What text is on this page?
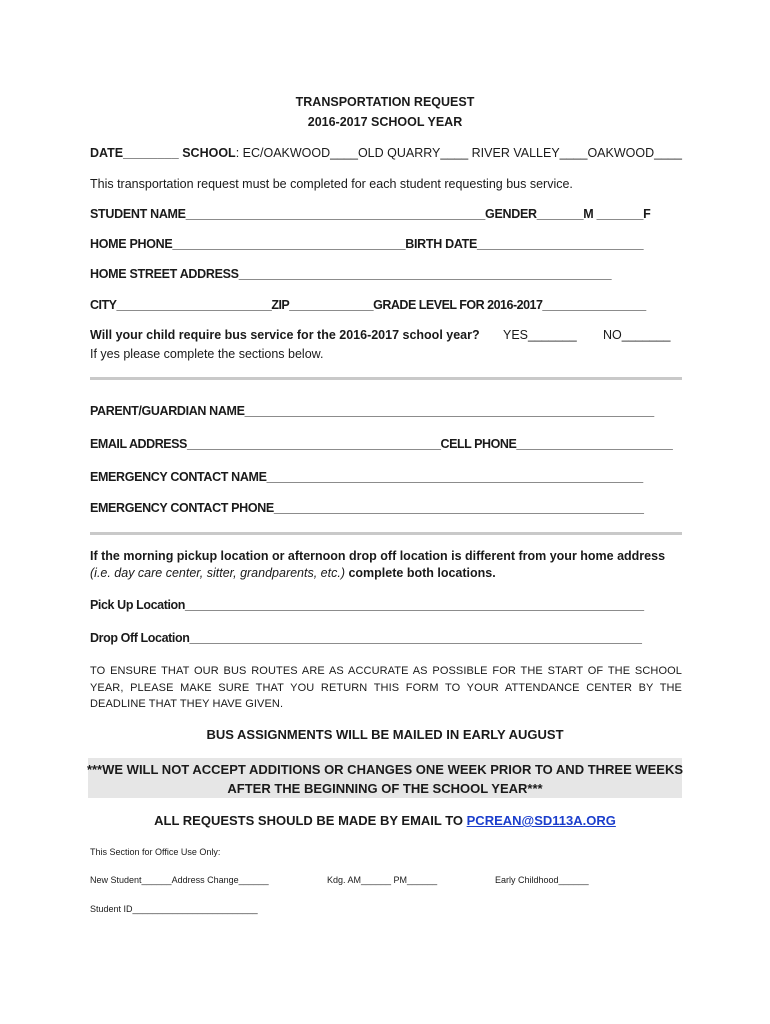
TRANSPORTATION REQUEST
2016-2017 SCHOOL YEAR
DATE________ SCHOOL: EC/OAKWOOD____OLD QUARRY____ RIVER VALLEY____OAKWOOD____
This transportation request must be completed for each student requesting bus service.
STUDENT NAME_____________________________________________GENDER_______M _______F
HOME PHONE___________________________________BIRTH DATE_________________________
HOME STREET ADDRESS________________________________________________________
CITY________________________ZIP_____________GRADE LEVEL FOR 2016-2017________________
Will your child require bus service for the 2016-2017 school year? YES_______ NO_______
If yes please complete the sections below.
PARENT/GUARDIAN NAME______________________________________________________________
EMAIL ADDRESS_______________________________________CELL PHONE________________________
EMERGENCY CONTACT NAME_________________________________________________________
EMERGENCY CONTACT PHONE________________________________________________________
If the morning pickup location or afternoon drop off location is different from your home address (i.e. day care center, sitter, grandparents, etc.) complete both locations.
Pick Up Location______________________________________________________________________
Drop Off Location_____________________________________________________________________
TO ENSURE THAT OUR BUS ROUTES ARE AS ACCURATE AS POSSIBLE FOR THE START OF THE SCHOOL YEAR, PLEASE MAKE SURE THAT YOU RETURN THIS FORM TO YOUR ATTENDANCE CENTER BY THE DEADLINE THAT THEY HAVE GIVEN.
BUS ASSIGNMENTS WILL BE MAILED IN EARLY AUGUST
***WE WILL NOT ACCEPT ADDITIONS OR CHANGES ONE WEEK PRIOR TO AND THREE WEEKS
AFTER THE BEGINNING OF THE SCHOOL YEAR***
ALL REQUESTS SHOULD BE MADE BY EMAIL TO PCREAN@SD113A.ORG
This Section for Office Use Only:
New Student______Address Change______	Kdg. AM______ PM______	Early Childhood______
Student ID_________________________
